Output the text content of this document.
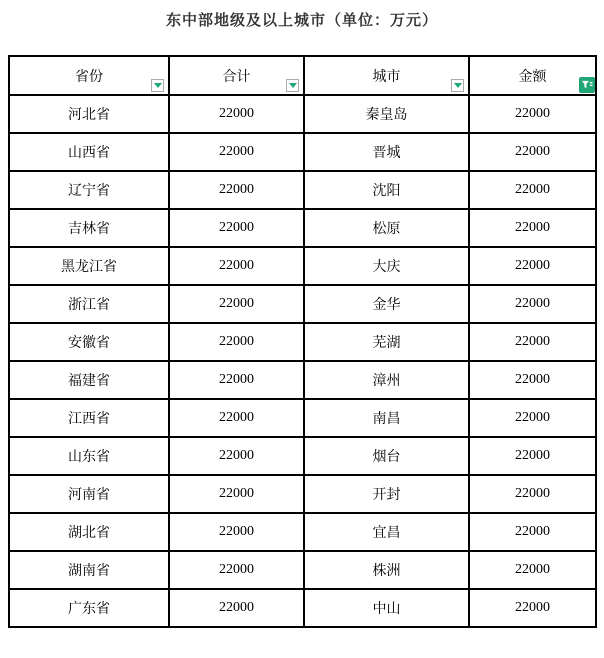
东中部地级及以上城市（单位：万元）
省份	合计	城市	金额

河北省	22000	秦皇岛	22000
山西省	22000	晋城	22000
辽宁省	22000	沈阳	22000
吉林省	22000	松原	22000
黑龙江省	22000	大庆	22000
浙江省	22000	金华	22000
安徽省	22000	芜湖	22000
福建省	22000	漳州	22000
江西省	22000	南昌	22000
山东省	22000	烟台	22000
河南省	22000	开封	22000
湖北省	22000	宜昌	22000
湖南省	22000	株洲	22000
广东省	22000	中山	22000
